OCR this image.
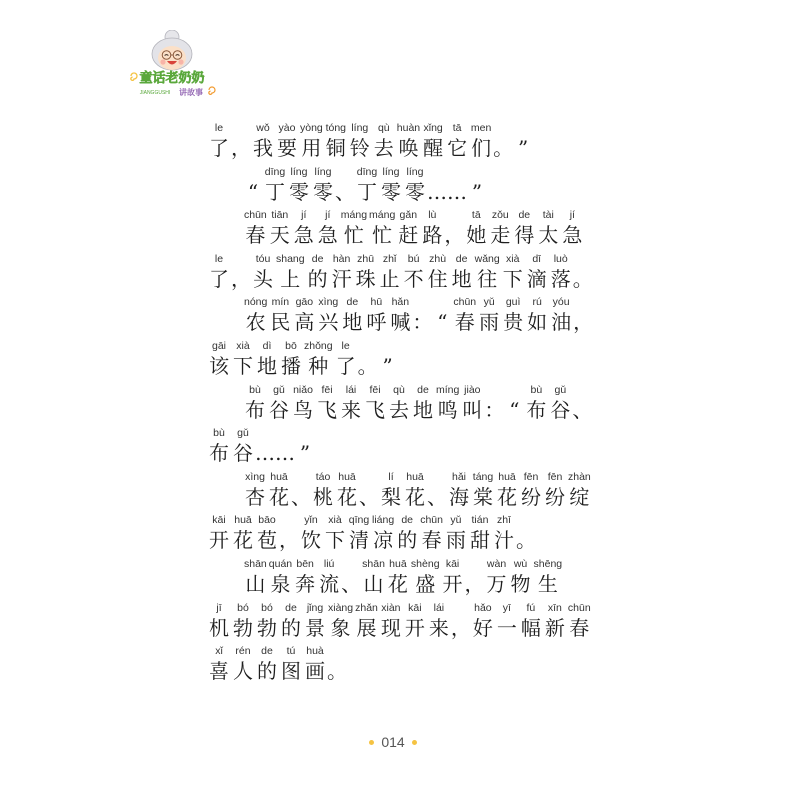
童话老奶奶
JIANGGUSHI 讲故事
le
了 ，
wǒ
我
yào
要
yòng
用
tóng
铜
líng
铃
qù
去
huàn
唤
xǐng
醒
tā
它
men
们 。 ”
“
dīng
丁
líng
零
líng
零 、
dīng
丁
líng
零
líng
零 …… ”
chūn
春
tiān
天
jí
急
jí
急
máng
忙
máng
忙
gǎn
赶
lù
路 ，
tā
她
zǒu
走
de
得
tài
太
jí
急
le
了 ，
tóu
头
shang
上
de
的
hàn
汗
zhū
珠
zhǐ
止
bú
不
zhù
住
de
地
wǎng
往
xià
下
dī
滴
luò
落 。
nóng
农
mín
民
gāo
高
xìng
兴
de
地
hū
呼
hǎn
喊 ： “
chūn
春
yǔ
雨
guì
贵
rú
如
yóu
油 ，
gāi
该
xià
下
dì
地
bō
播
zhǒng
种
le
了 。 ”
bù
布
gǔ
谷
niǎo
鸟
fēi
飞
lái
来
fēi
飞
qù
去
de
地
míng
鸣
jiào
叫 ： “
bù
布
gǔ
谷 、
bù
布
gǔ
谷 …… ”
xìng
杏
huā
花 、
táo
桃
huā
花 、
lí
梨
huā
花 、
hǎi
海
táng
棠
huā
花
fēn
纷
fēn
纷
zhàn
绽
kāi
开
huā
花
bāo
苞 ，
yǐn
饮
xià
下
qīng
清
liáng
凉
de
的
chūn
春
yǔ
雨
tián
甜
zhī
汁 。
shān
山
quán
泉
bēn
奔
liú
流 、
shān
山
huā
花
shèng
盛
kāi
开 ，
wàn
万
wù
物
shēng
生
jī
机
bó
勃
bó
勃
de
的
jǐng
景
xiàng
象
zhǎn
展
xiàn
现
kāi
开
lái
来 ，
hǎo
好
yī
一
fú
幅
xīn
新
chūn
春
xǐ
喜
rén
人
de
的
tú
图
huà
画 。
014
